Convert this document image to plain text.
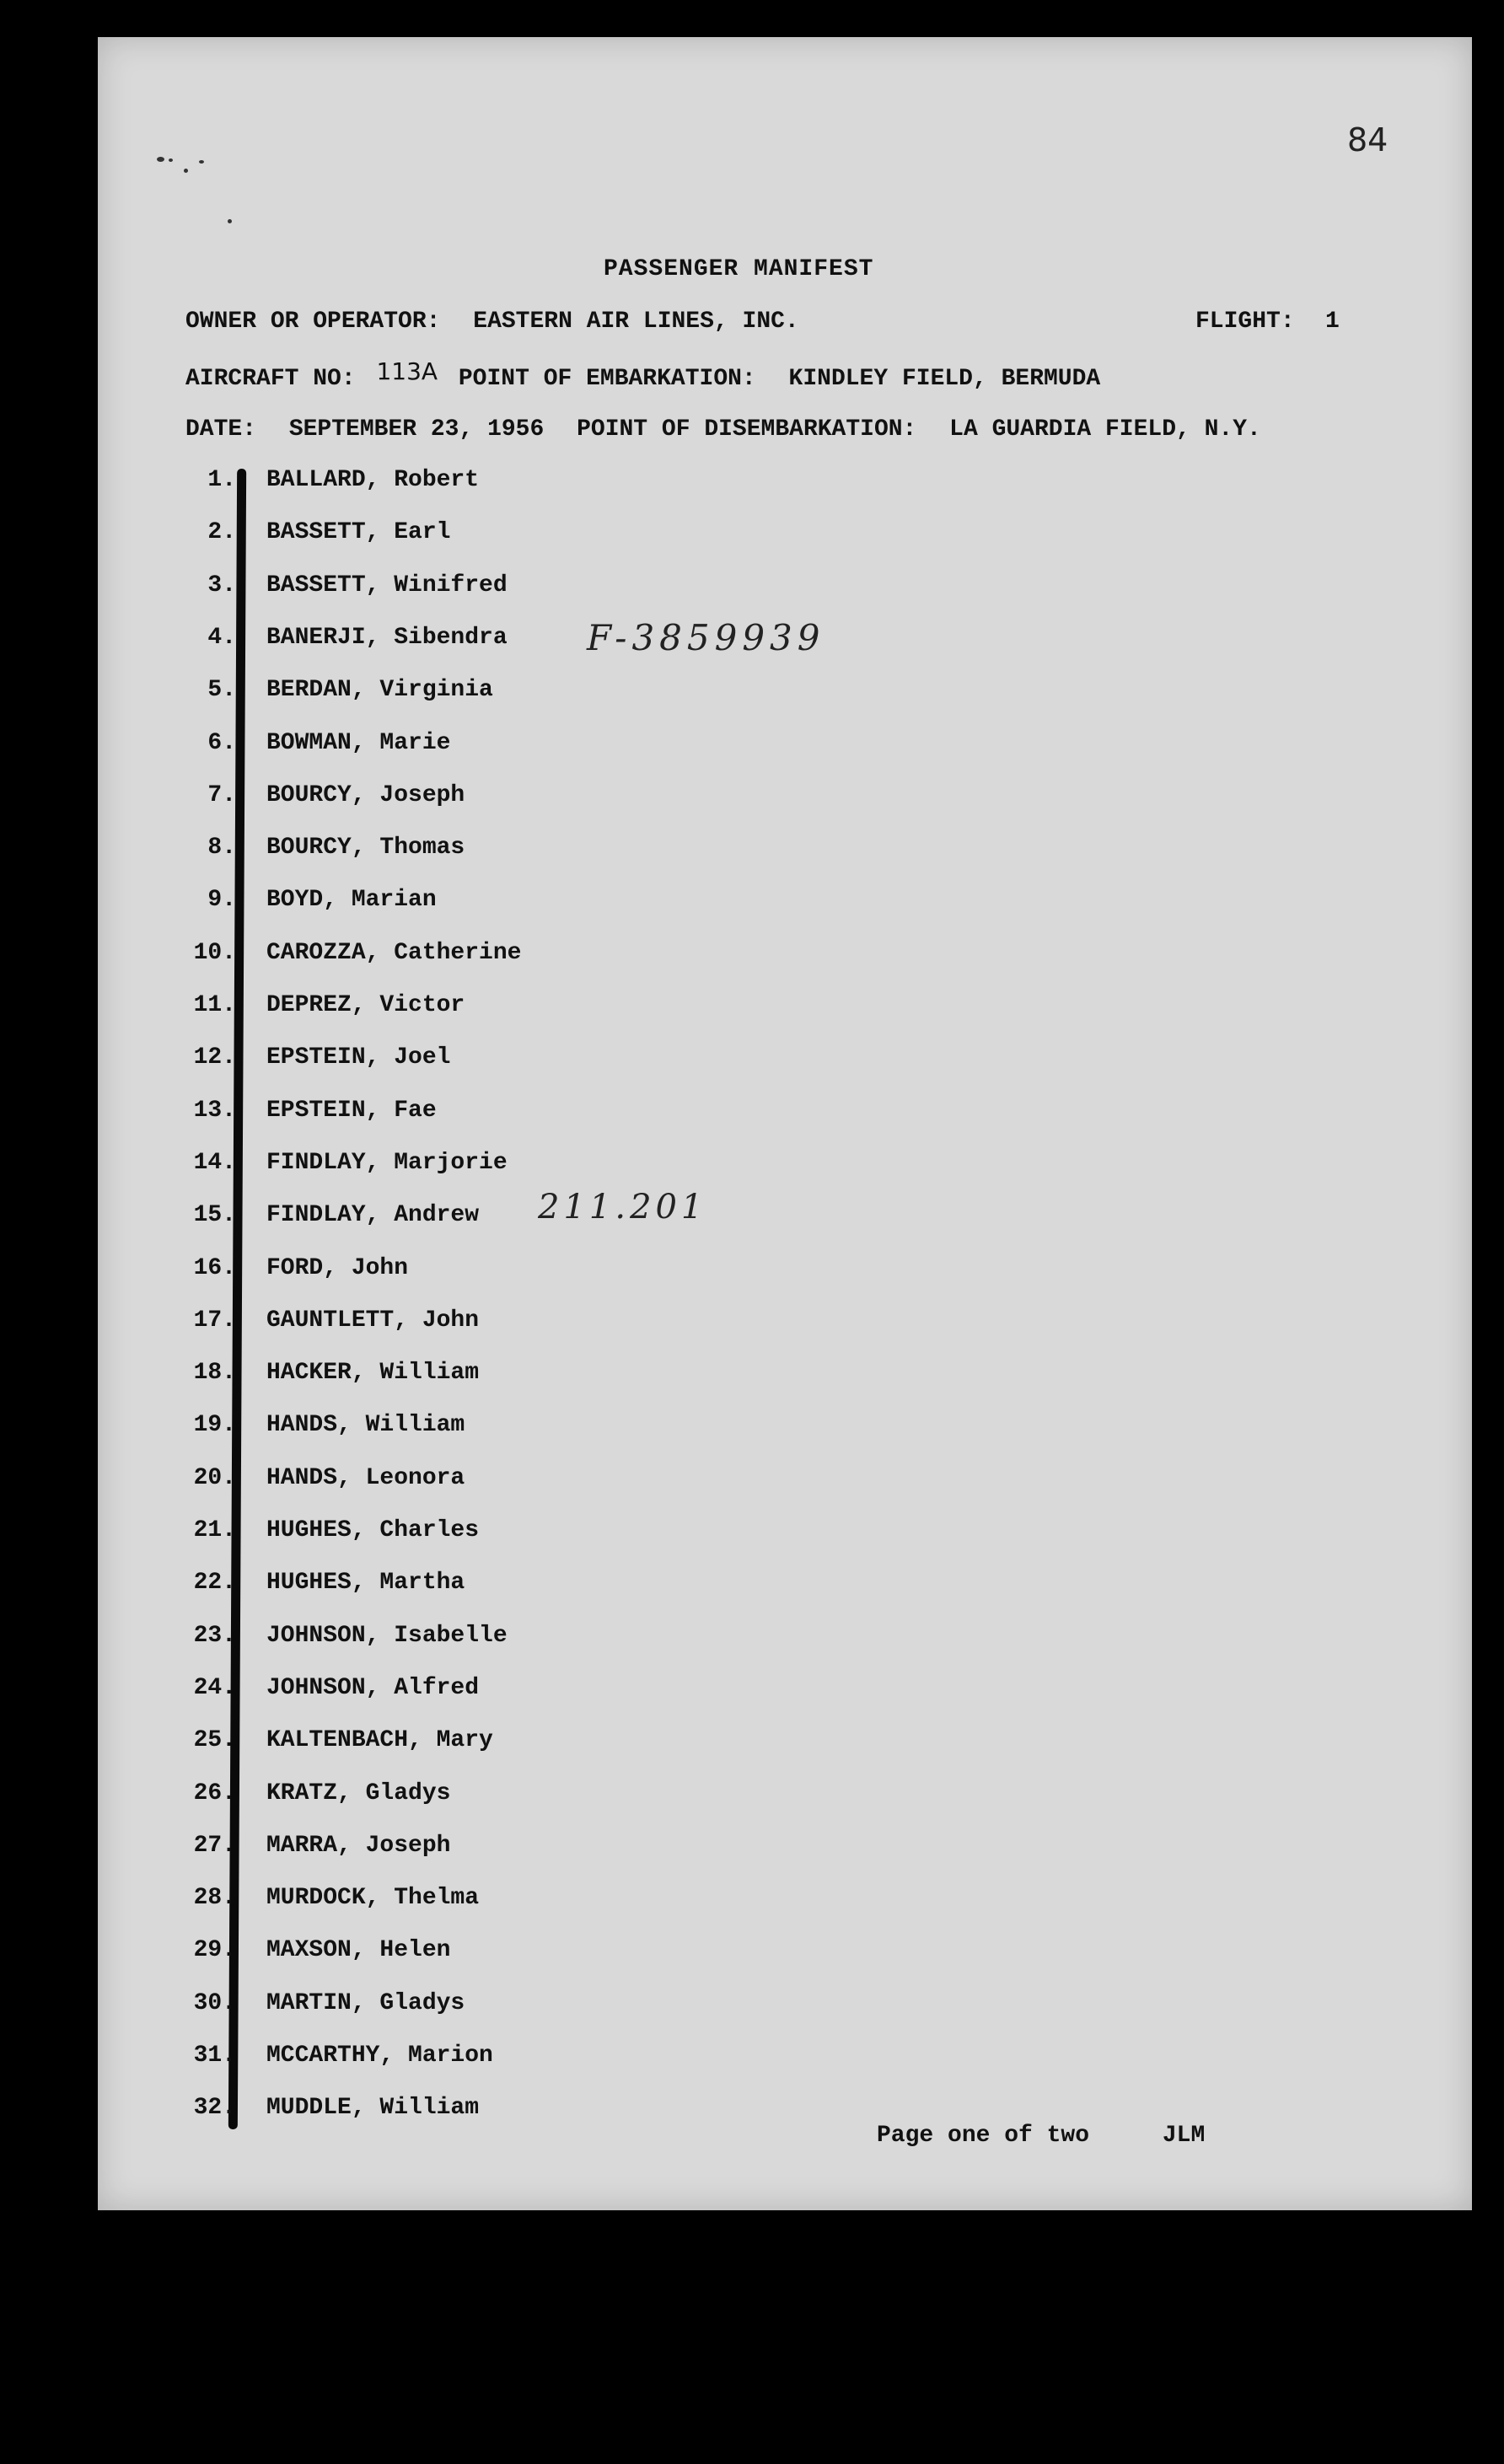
84
PASSENGER MANIFEST
OWNER OR OPERATOR: EASTERN AIR LINES, INC.	FLIGHT: 1
AIRCRAFT NO: 113A POINT OF EMBARKATION: KINDLEY FIELD, BERMUDA
DATE: SEPTEMBER 23, 1956 POINT OF DISEMBARKATION: LA GUARDIA FIELD, N.Y.
1. BALLARD, Robert
2. BASSETT, Earl
3. BASSETT, Winifred
4. BANERJI, Sibendra
5. BERDAN, Virginia
6. BOWMAN, Marie
7. BOURCY, Joseph
8. BOURCY, Thomas
9. BOYD, Marian
10. CAROZZA, Catherine
11. DEPREZ, Victor
12. EPSTEIN, Joel
13. EPSTEIN, Fae
14. FINDLAY, Marjorie
15. FINDLAY, Andrew
16. FORD, John
17. GAUNTLETT, John
18. HACKER, William
19. HANDS, William
20. HANDS, Leonora
21. HUGHES, Charles
22. HUGHES, Martha
23. JOHNSON, Isabelle
24. JOHNSON, Alfred
25. KALTENBACH, Mary
26. KRATZ, Gladys
27. MARRA, Joseph
28. MURDOCK, Thelma
29. MAXSON, Helen
30. MARTIN, Gladys
31. MCCARTHY, Marion
32. MUDDLE, William
F-3859939
211.201
Page one of two	JLM
